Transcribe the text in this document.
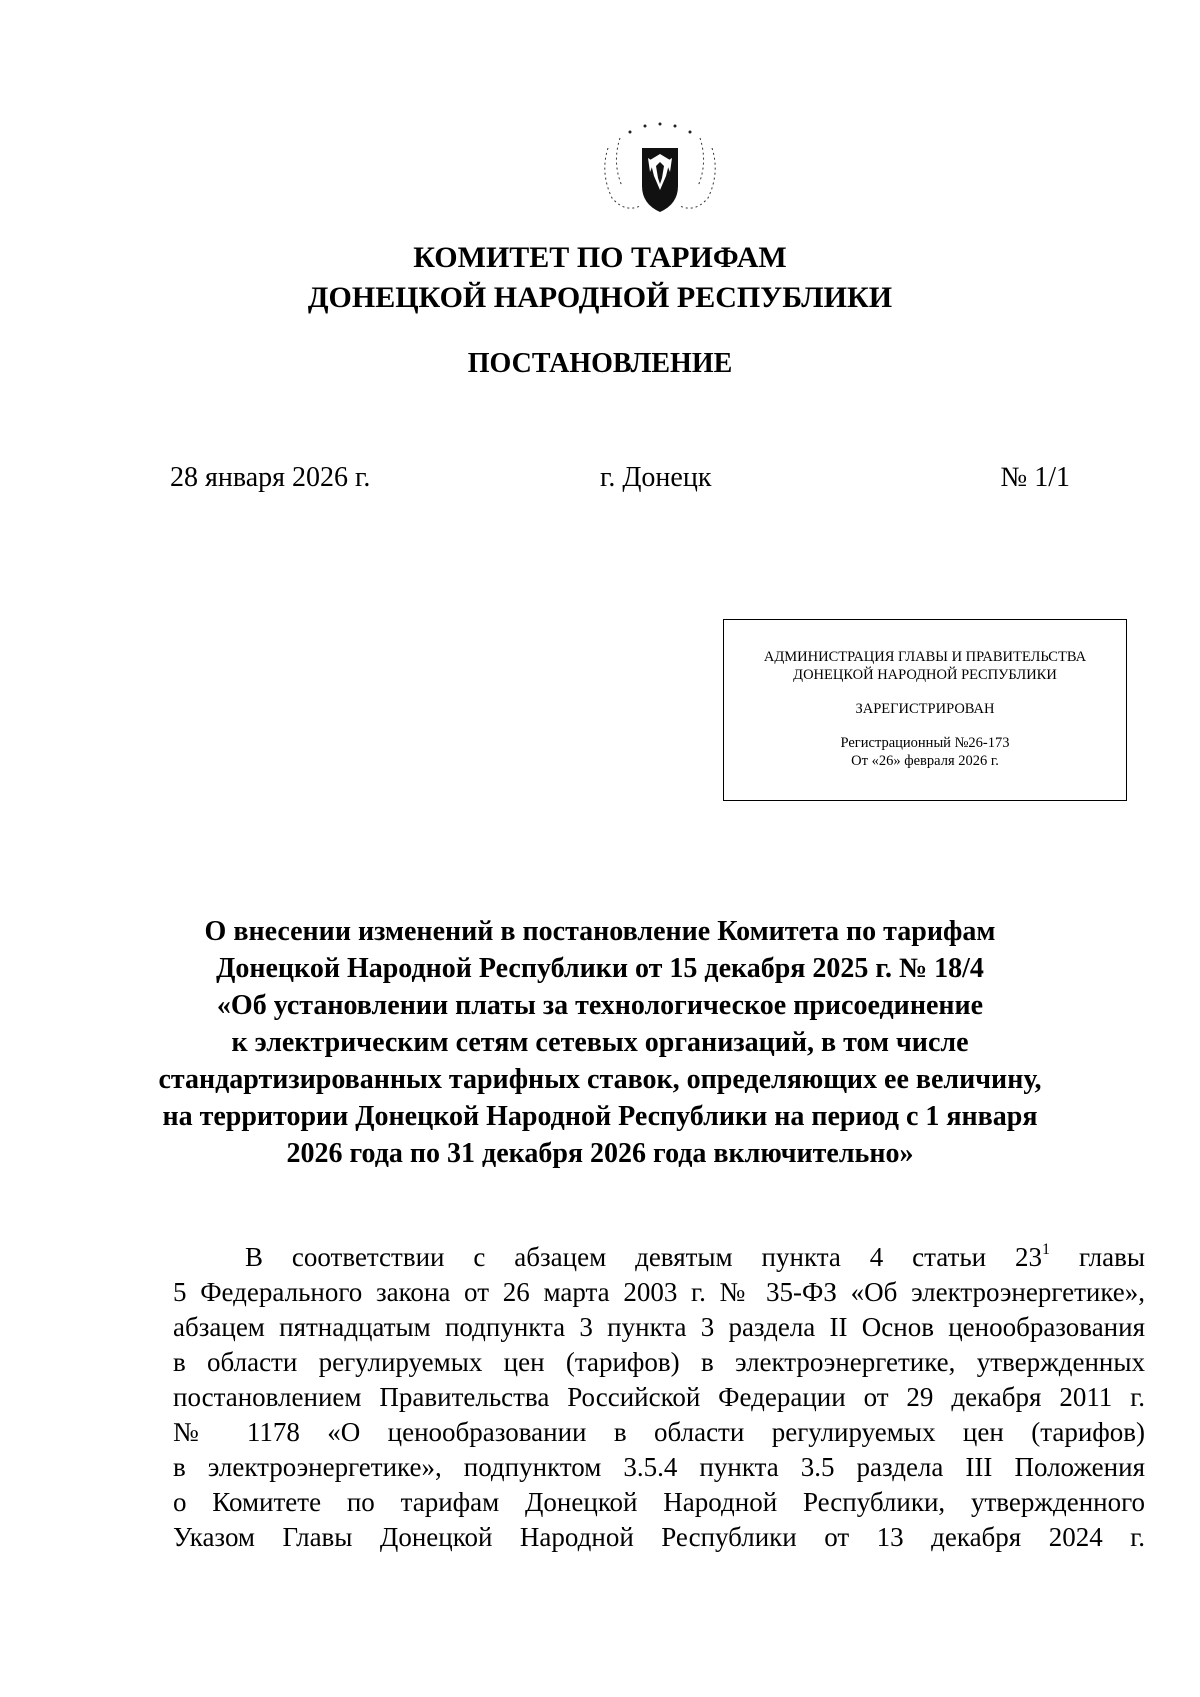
КОМИТЕТ ПО ТАРИФАМ
ДОНЕЦКОЙ НАРОДНОЙ РЕСПУБЛИКИ
ПОСТАНОВЛЕНИЕ
28 января 2026 г.	г. Донецк	№ 1/1
АДМИНИСТРАЦИЯ ГЛАВЫ И ПРАВИТЕЛЬСТВА
ДОНЕЦКОЙ НАРОДНОЙ РЕСПУБЛИКИ
ЗАРЕГИСТРИРОВАН
Регистрационный №26-173
От «26» февраля 2026 г.
О внесении изменений в постановление Комитета по тарифам
Донецкой Народной Республики от 15 декабря 2025 г. № 18/4
«Об установлении платы за технологическое присоединение
к электрическим сетям сетевых организаций, в том числе
стандартизированных тарифных ставок, определяющих ее величину,
на территории Донецкой Народной Республики на период с 1 января
2026 года по 31 декабря 2026 года включительно»
В соответствии с абзацем девятым пункта 4 статьи $23^1$ главы
5 Федерального закона от 26 марта 2003 г. № 35-ФЗ «Об электроэнергетике»,
абзацем пятнадцатым подпункта 3 пункта 3 раздела II Основ ценообразования
в области регулируемых цен (тарифов) в электроэнергетике, утвержденных
постановлением Правительства Российской Федерации от 29 декабря 2011 г.
№ 1178 «О ценообразовании в области регулируемых цен (тарифов)
в электроэнергетике», подпунктом 3.5.4 пункта 3.5 раздела III Положения
о Комитете по тарифам Донецкой Народной Республики, утвержденного
Указом Главы Донецкой Народной Республики от 13 декабря 2024 г.
